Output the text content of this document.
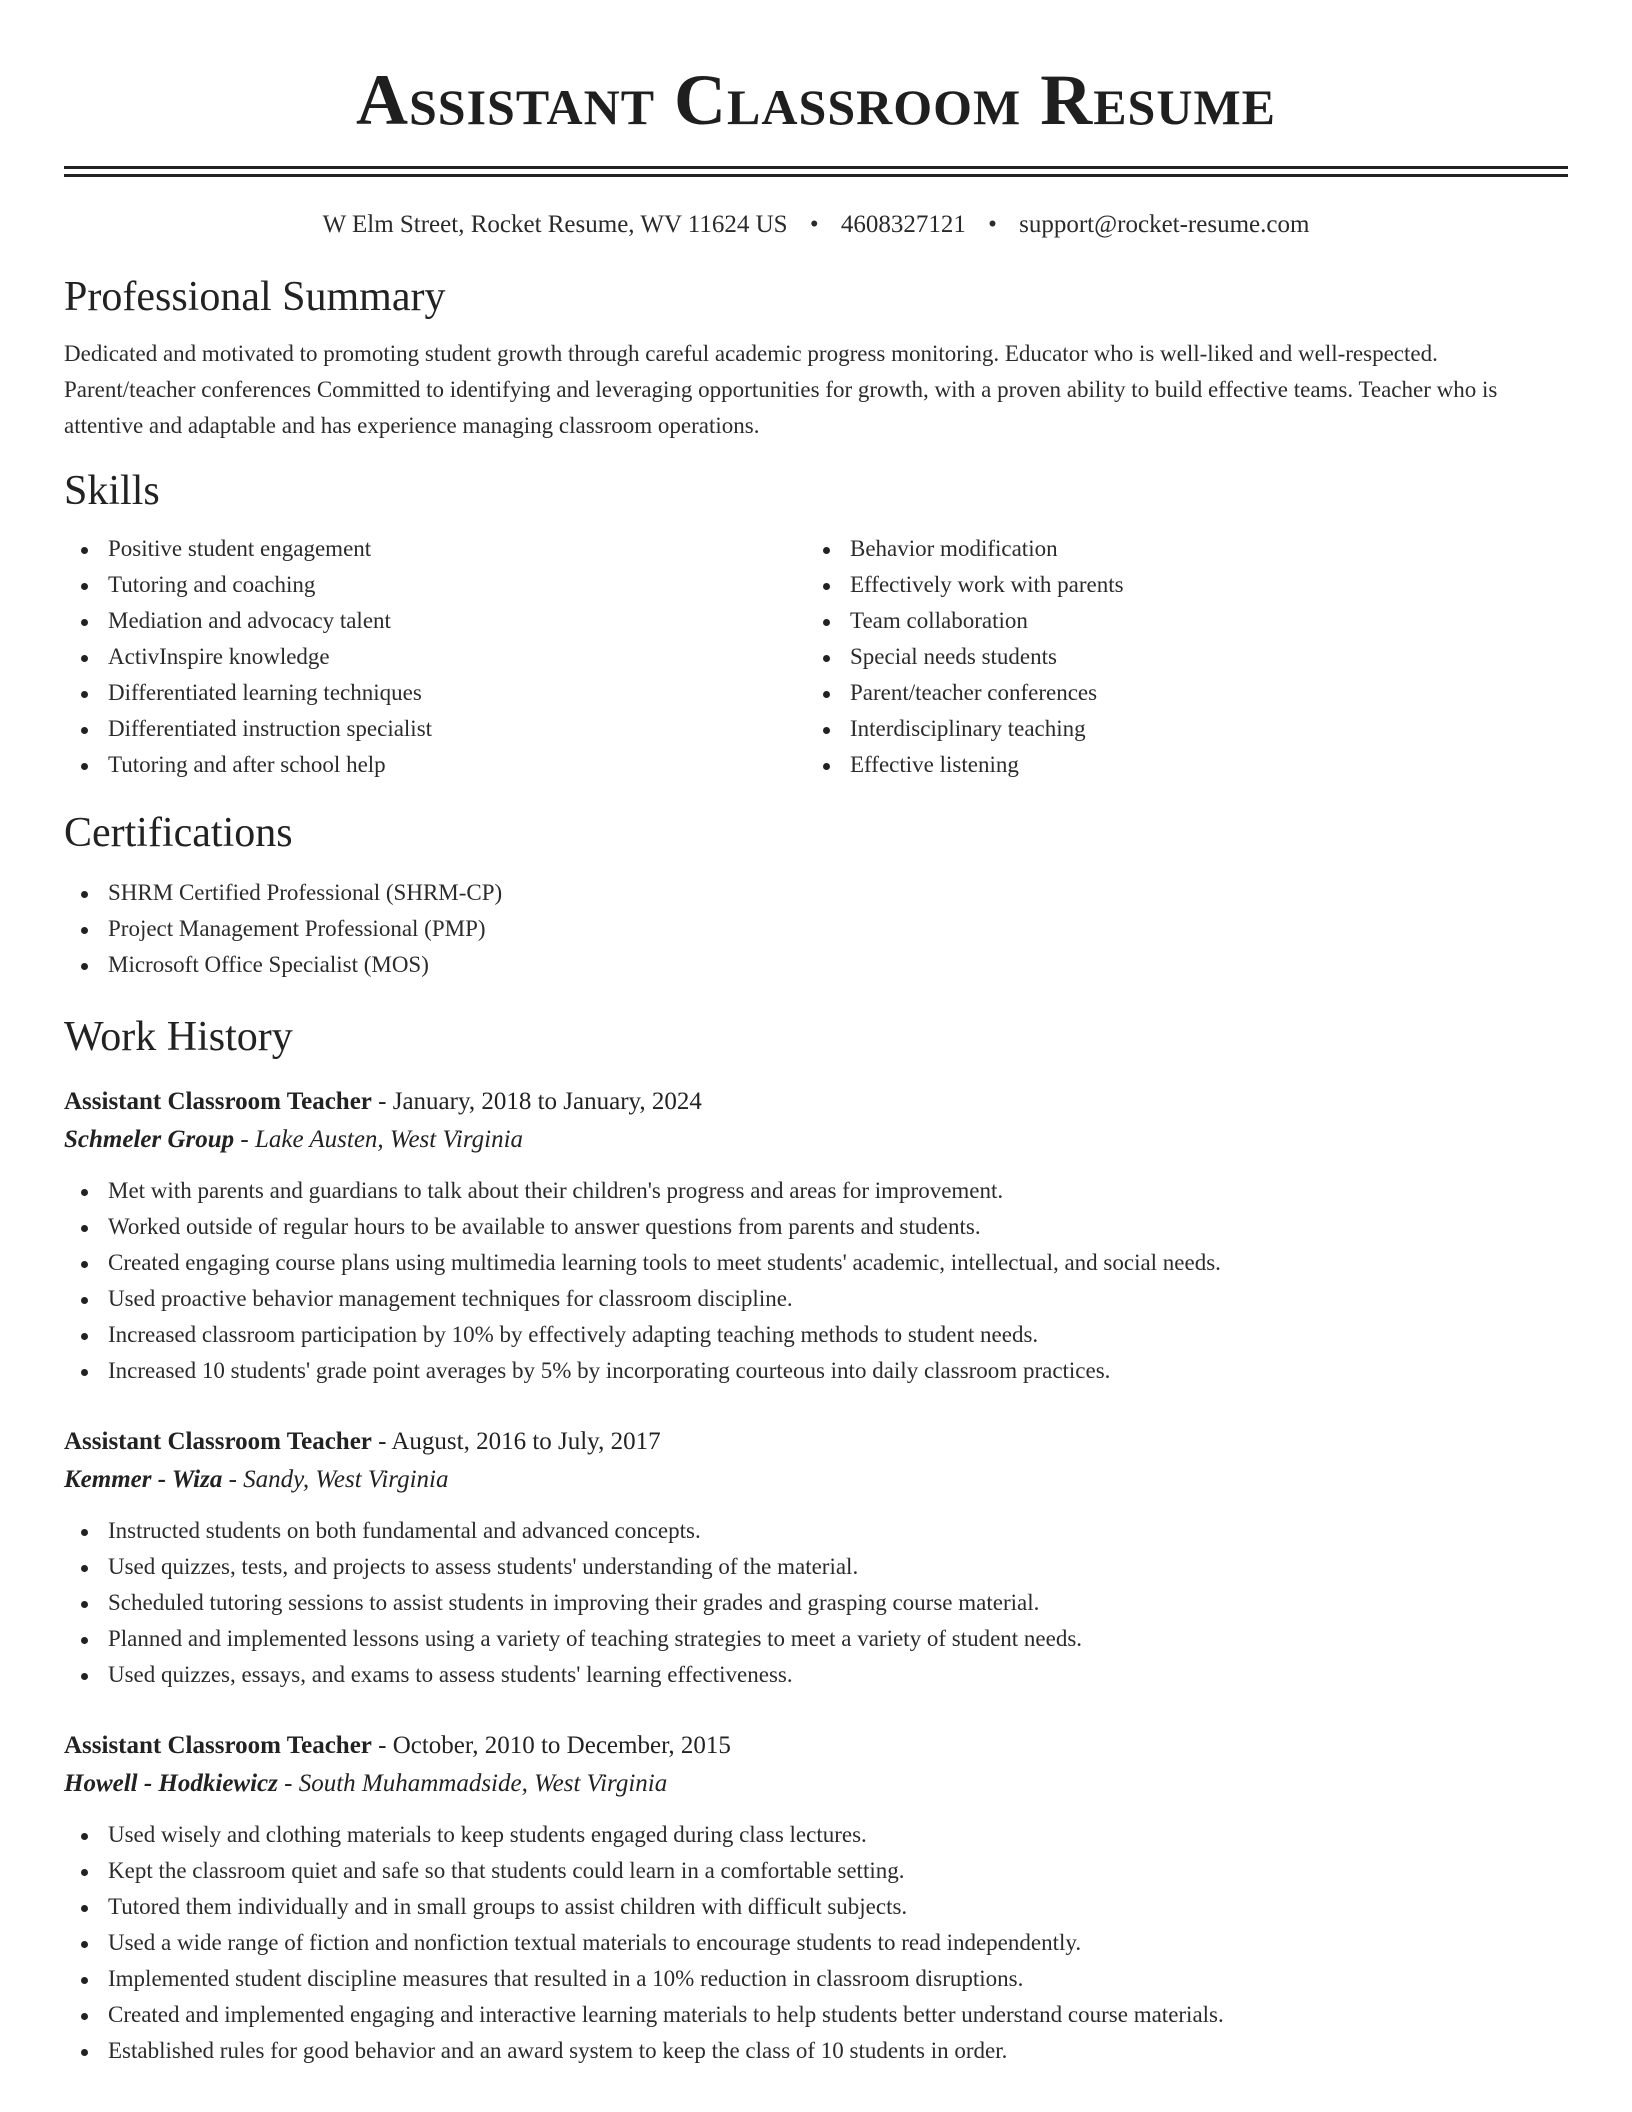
Assistant Classroom Resume
W Elm Street, Rocket Resume, WV 11624 US • 4608327121 • support@rocket-resume.com
Professional Summary

Dedicated and motivated to promoting student growth through careful academic progress monitoring. Educator who is well-liked and well-respected. Parent/teacher conferences Committed to identifying and leveraging opportunities for growth, with a proven ability to build effective teams. Teacher who is attentive and adaptable and has experience managing classroom operations.

Skills
Positive student engagement
Tutoring and coaching
Mediation and advocacy talent
ActivInspire knowledge
Differentiated learning techniques
Differentiated instruction specialist
Tutoring and after school help
Behavior modification
Effectively work with parents
Team collaboration
Special needs students
Parent/teacher conferences
Interdisciplinary teaching
Effective listening
Certifications
SHRM Certified Professional (SHRM-CP)
Project Management Professional (PMP)
Microsoft Office Specialist (MOS)
Work History
Assistant Classroom Teacher - January, 2018 to January, 2024
Schmeler Group - Lake Austen, West Virginia
Met with parents and guardians to talk about their children's progress and areas for improvement.
Worked outside of regular hours to be available to answer questions from parents and students.
Created engaging course plans using multimedia learning tools to meet students' academic, intellectual, and social needs.
Used proactive behavior management techniques for classroom discipline.
Increased classroom participation by 10% by effectively adapting teaching methods to student needs.
Increased 10 students' grade point averages by 5% by incorporating courteous into daily classroom practices.
Assistant Classroom Teacher - August, 2016 to July, 2017
Kemmer - Wiza - Sandy, West Virginia
Instructed students on both fundamental and advanced concepts.
Used quizzes, tests, and projects to assess students' understanding of the material.
Scheduled tutoring sessions to assist students in improving their grades and grasping course material.
Planned and implemented lessons using a variety of teaching strategies to meet a variety of student needs.
Used quizzes, essays, and exams to assess students' learning effectiveness.
Assistant Classroom Teacher - October, 2010 to December, 2015
Howell - Hodkiewicz - South Muhammadside, West Virginia
Used wisely and clothing materials to keep students engaged during class lectures.
Kept the classroom quiet and safe so that students could learn in a comfortable setting.
Tutored them individually and in small groups to assist children with difficult subjects.
Used a wide range of fiction and nonfiction textual materials to encourage students to read independently.
Implemented student discipline measures that resulted in a 10% reduction in classroom disruptions.
Created and implemented engaging and interactive learning materials to help students better understand course materials.
Established rules for good behavior and an award system to keep the class of 10 students in order.
